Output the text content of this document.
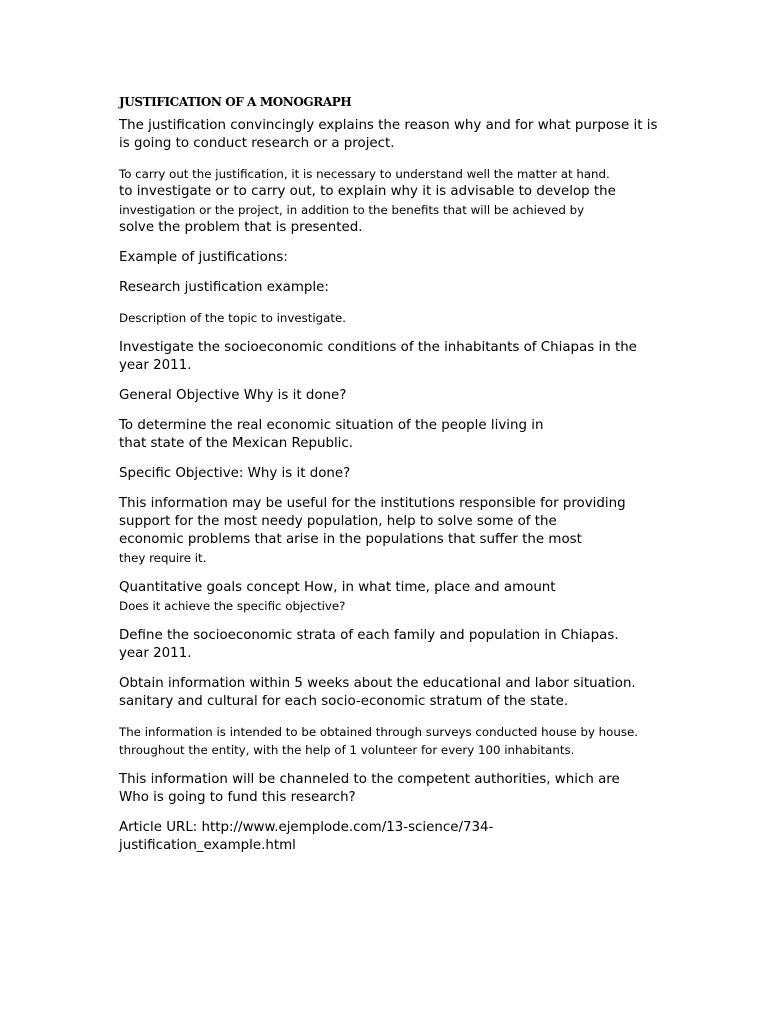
JUSTIFICATION OF A MONOGRAPH
The justification convincingly explains the reason why and for what purpose it is
is going to conduct research or a project.
To carry out the justification, it is necessary to understand well the matter at hand.
to investigate or to carry out, to explain why it is advisable to develop the
investigation or the project, in addition to the benefits that will be achieved by
solve the problem that is presented.
Example of justifications:
Research justification example:
Description of the topic to investigate.
Investigate the socioeconomic conditions of the inhabitants of Chiapas in the
year 2011.
General Objective Why is it done?
To determine the real economic situation of the people living in
that state of the Mexican Republic.
Specific Objective: Why is it done?
This information may be useful for the institutions responsible for providing
support for the most needy population, help to solve some of the
economic problems that arise in the populations that suffer the most
they require it.
Quantitative goals concept How, in what time, place and amount
Does it achieve the specific objective?
Define the socioeconomic strata of each family and population in Chiapas.
year 2011.
Obtain information within 5 weeks about the educational and labor situation.
sanitary and cultural for each socio-economic stratum of the state.
The information is intended to be obtained through surveys conducted house by house.
throughout the entity, with the help of 1 volunteer for every 100 inhabitants.
This information will be channeled to the competent authorities, which are
Who is going to fund this research?
Article URL: http://www.ejemplode.com/13-science/734-
justification_example.html
